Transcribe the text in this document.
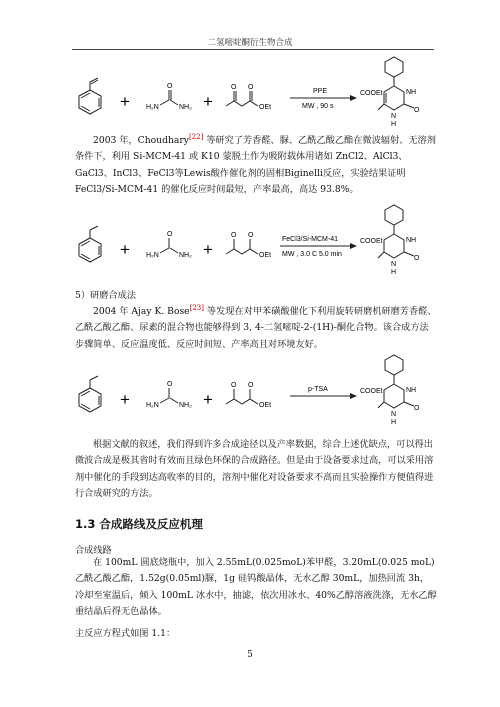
二氢嘧啶酮衍生物合成
+ H₂N
O
NH₂ +
O O
OEt
PPE
MW , 90 s
COOEt	NH
N
H
O

2003 年，Choudhary[22] 等研究了芳香醛、脲、乙酰乙酸乙酯在微波辐射、无溶剂条件下，利用 Si-MCM-41 或 K10 蒙脱土作为吸附载体用诸如 ZnCl2、AlCl3、GaCl3、InCl3、FeCl3等Lewis酸作催化剂的固相Biginelli反应，实验结果证明 FeCl3/Si-MCM-41 的催化反应时间最短，产率最高，高达 93.8%。

+ H₂N
O
NH₂ +
O O
OEt
FeCl3/Si-MCM-41
MW , 3.0 C 5.0 min
COOEt	NH
N
H
O
5）研磨合成法

2004 年 Ajay K. Bose[23] 等发现在对甲苯磺酸催化下利用旋转研磨机研磨芳香醛、乙酰乙酸乙酯、尿素的混合物也能够得到 3, 4-二氢嘧啶-2-(1H)-酮化合物。该合成方法步骤简单、反应温度低、反应时间短、产率高且对环境友好。

+ H₂N
O
NH₂ +
O O
OEt
p-TSA	COOEt	NH
N
H
O

根据文献的叙述，我们得到许多合成途径以及产率数据，综合上述优缺点，可以得出微波合成是极其省时有效而且绿色环保的合成路径。但是由于设备要求过高，可以采用溶剂中催化的手段到达高收率的目的，溶剂中催化对设备要求不高而且实验操作方便值得进行合成研究的方法。

1.3 合成路线及反应机理
合成线路

在 100mL 圆底烧瓶中，加入 2.55mL(0.025moL)苯甲醛，3.20mL(0.025 moL)乙酰乙酸乙酯，1.52g(0.05ml)脲，1g 硅钨酸晶体，无水乙醇 30mL，加热回流 3h，冷却至室温后，倾入 100mL 冰水中，抽滤，依次用冰水、40%乙醇溶液洗涤，无水乙醇重结晶后得无色晶体。

主反应方程式如图 1.1：
5
